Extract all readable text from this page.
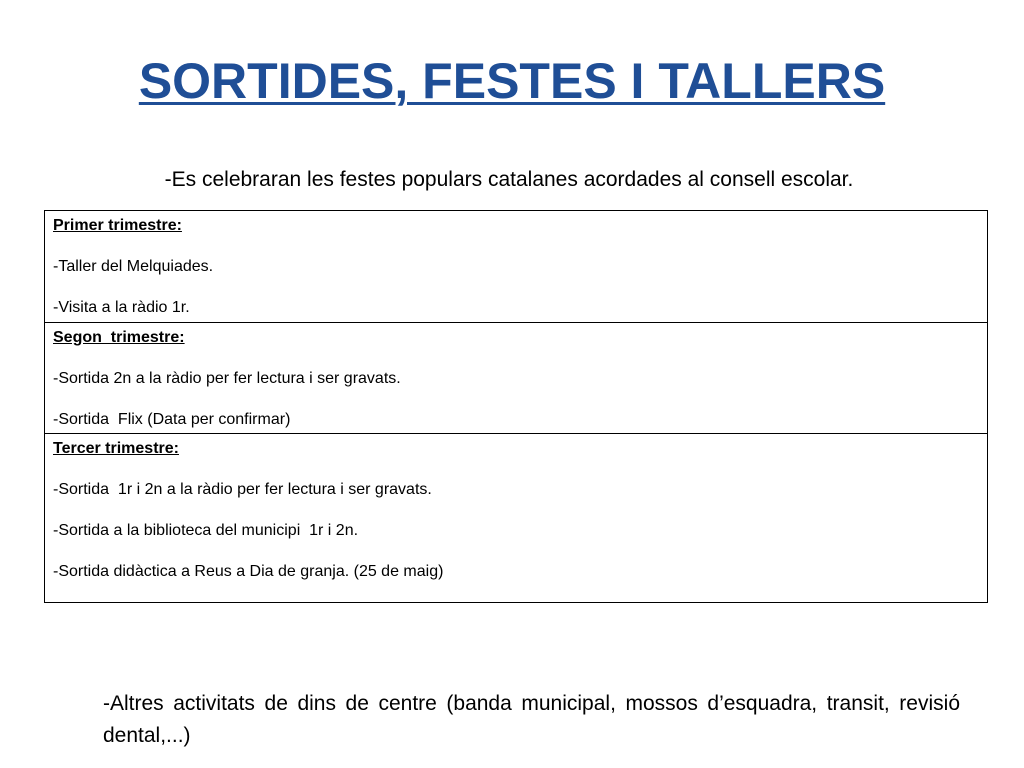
SORTIDES, FESTES I TALLERS
-Es celebraran les festes populars catalanes acordades al consell escolar.
Primer trimestre:
-Taller del Melquiades.
-Visita a la ràdio 1r.

Segon  trimestre:
-Sortida 2n a la ràdio per fer lectura i ser gravats.
-Sortida  Flix (Data per confirmar)

Tercer trimestre:
-Sortida  1r i 2n a la ràdio per fer lectura i ser gravats.
-Sortida a la biblioteca del municipi  1r i 2n.
-Sortida didàctica a Reus a Dia de granja. (25 de maig)
-Altres activitats de dins de centre (banda municipal, mossos d’esquadra, transit, revisió dental,...)
